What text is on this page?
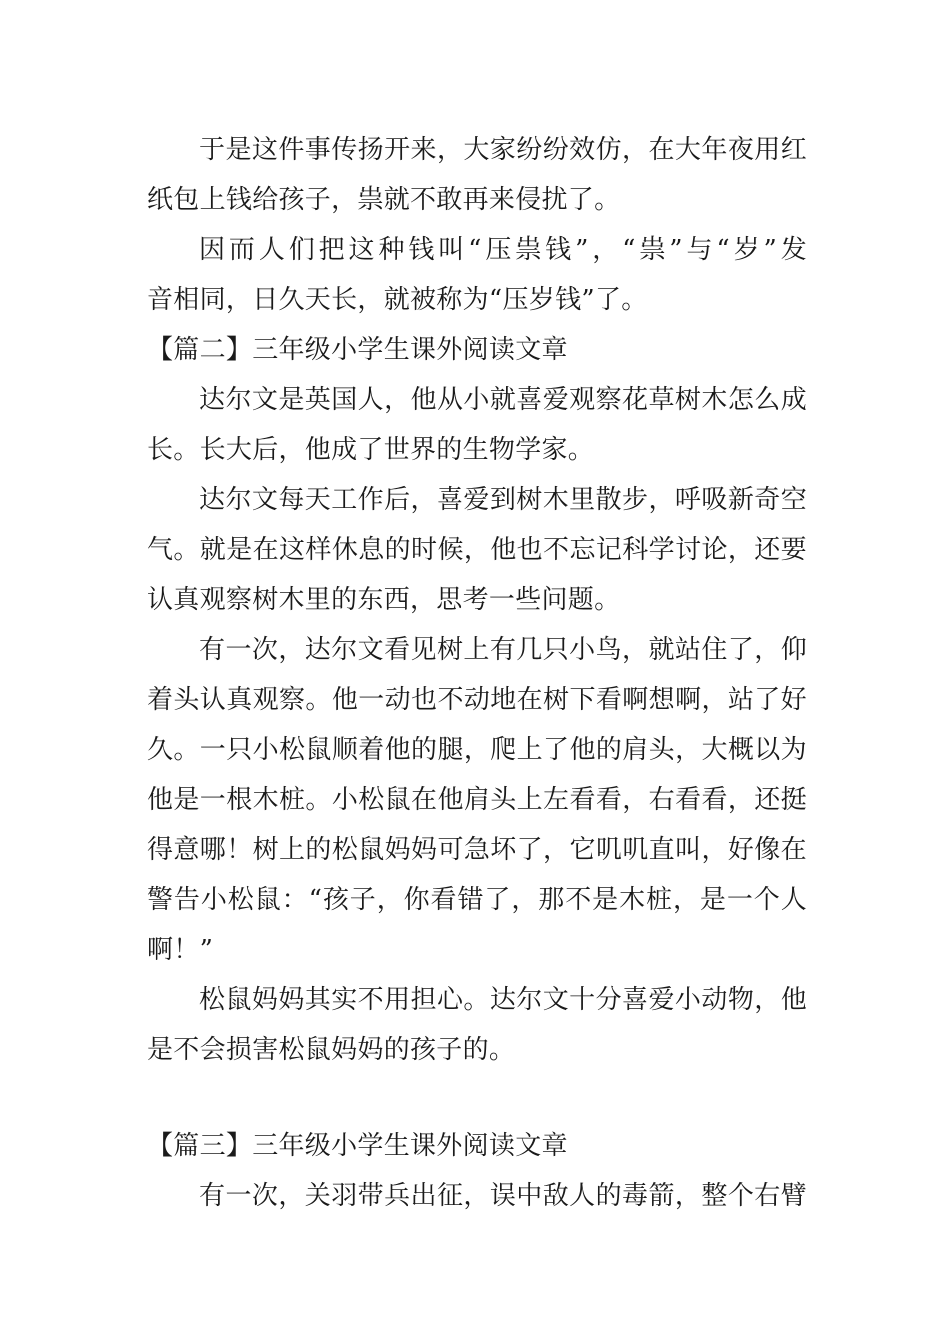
于是这件事传扬开来，大家纷纷效仿，在大年夜用红
纸包上钱给孩子，祟就不敢再来侵扰了。
因而人们把这种钱叫“压祟钱”，“祟”与“岁”发
音相同，日久天长，就被称为“压岁钱”了。
【篇二】三年级小学生课外阅读文章
达尔文是英国人，他从小就喜爱观察花草树木怎么成
长。长大后，他成了世界的生物学家。
达尔文每天工作后，喜爱到树木里散步，呼吸新奇空
气。就是在这样休息的时候，他也不忘记科学讨论，还要
认真观察树木里的东西，思考一些问题。
有一次，达尔文看见树上有几只小鸟，就站住了，仰
着头认真观察。他一动也不动地在树下看啊想啊，站了好
久。一只小松鼠顺着他的腿，爬上了他的肩头，大概以为
他是一根木桩。小松鼠在他肩头上左看看，右看看，还挺
得意哪！树上的松鼠妈妈可急坏了，它叽叽直叫，好像在
警告小松鼠：“孩子，你看错了，那不是木桩，是一个人
啊！”
松鼠妈妈其实不用担心。达尔文十分喜爱小动物，他
是不会损害松鼠妈妈的孩子的。
【篇三】三年级小学生课外阅读文章
有一次，关羽带兵出征，误中敌人的毒箭，整个右臂
